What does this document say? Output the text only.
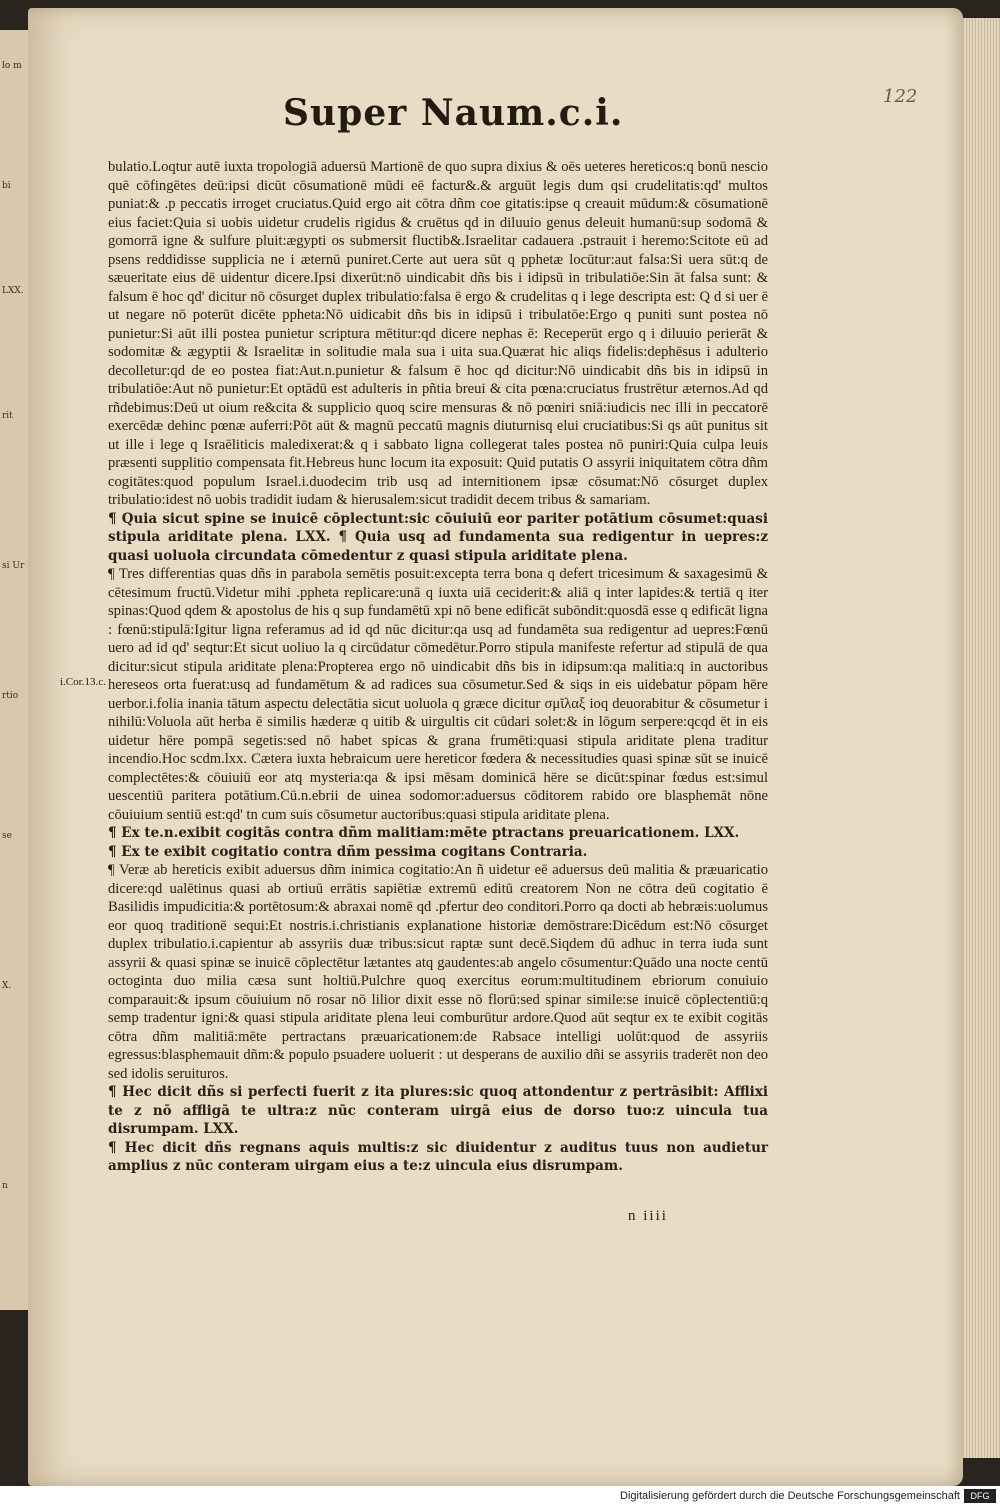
122
lo m
bi
LXX.
rit
si Ur
rtio
se
X.
n
Super Naum.c.i.
i.Cor.13.c.

bulatio.Loqtur autē iuxta tropologiā aduersū Martionē de quo supra dixius & oēs ueteres hereticos:q bonū nescio quē cōfingētes deū:ipsi dicūt cōsumationē mūdi eē factur&.& arguūt legis dum qsi crudelitatis:qd' multos puniat:& .p peccatis irroget cruciatus.Quid ergo ait cōtra dñm coe gitatis:ipse q creauit mūdum:& cōsumationē eius faciet:Quia si uobis uidetur crudelis rigidus & cruētus qd in diluuio genus deleuit humanū:sup sodomā & gomorrā igne & sulfure pluit:ægypti os submersit fluctib&.Israelitar cadauera .pstrauit i heremo:Scitote eū ad psens reddidisse supplicia ne i æternū puniret.Certe aut uera sūt q pphetæ locūtur:aut falsa:Si uera sūt:q de sæueritate eius dē uidentur dicere.Ipsi dixerūt:nō uindicabit dñs bis i idipsū in tribulatiōe:Sin āt falsa sunt: & falsum ē hoc qd' dicitur nō cōsurget duplex tribulatio:falsa ē ergo & crudelitas q i lege descripta est: Q d si uer ē ut negare nō poterūt dicēte ppheta:Nō uidicabit dñs bis in idipsū i tribulatōe:Ergo q puniti sunt postea nō punietur:Si aūt illi postea punietur scriptura mētitur:qd dicere nephas ē: Receperūt ergo q i diluuio perierāt & sodomitæ & ægyptii & Israelitæ in solitudie mala sua i uita sua.Quærat hic aliqs fidelis:dephēsus i adulterio decolletur:qd de eo postea fiat:Aut.n.punietur & falsum ē hoc qd dicitur:Nō uindicabit dñs bis in idipsū in tribulatiōe:Aut nō punietur:Et optādū est adulteris in pñtia breui & cita pœna:cruciatus frustrētur æternos.Ad qd rñdebimus:Deū ut oium re&cita & supplicio quoq scire mensuras & nō pœniri sniā:iudicis nec illi in peccatorē exercēdæ dehinc pœnæ auferri:Pōt aūt & magnū peccatū magnis diuturnisq elui cruciatibus:Si qs aūt punitus sit ut ille i lege q Israēliticis maledixerat:& q i sabbato ligna collegerat tales postea nō puniri:Quia culpa leuis præsenti supplitio compensata fit.Hebreus hunc locum ita exposuit: Quid putatis O assyrii iniquitatem cōtra dñm cogitātes:quod populum Israel.i.duodecim trib usq ad internitionem ipsæ cōsumat:Nō cōsurget duplex tribulatio:idest nō uobis tradidit iudam & hierusalem:sicut tradidit decem tribus & samariam.

¶ Quia sicut spine se inuicē cōplectunt:sic cōuiuiū eor pariter potātium cōsumet:quasi stipula ariditate plena. LXX. ¶ Quia usq ad fundamenta sua redigentur in uepres:z quasi uoluola circundata cōmedentur z quasi stipula ariditate plena.

¶ Tres differentias quas dñs in parabola semētis posuit:excepta terra bona q defert tricesimum & saxagesimū & cētesimum fructū.Videtur mihi .ppheta replicare:unā q iuxta uiā ceciderit:& aliā q inter lapides:& tertiā q iter spinas:Quod qdem & apostolus de his q sup fundamētū xpi nō bene edificāt subōndit:quosdā esse q edificāt ligna : fœnū:stipulā:Igitur ligna referamus ad id qd nūc dicitur:qa usq ad fundamēta sua redigentur ad uepres:Fœnū uero ad id qd' seqtur:Et sicut uoliuo la q circūdatur cōmedētur.Porro stipula manifeste refertur ad stipulā de qua dicitur:sicut stipula ariditate plena:Propterea ergo nō uindicabit dñs bis in idipsum:qa malitia:q in auctoribus hereseos orta fuerat:usq ad fundamētum & ad radices sua cōsumetur.Sed & siqs in eis uidebatur pōpam hēre uerbor.i.folia inania tātum aspectu delectātia sicut uoluola q græce dicitur σμῖλαξ ioq deuorabitur & cōsumetur i nihilū:Voluola aūt herba ē similis hæderæ q uitib & uirgultis cit cūdari solet:& in lōgum serpere:qcqd ēt in eis uidetur hēre pompā segetis:sed nō habet spicas & grana frumēti:quasi stipula ariditate plena traditur incendio.Hoc scdm.lxx. Cætera iuxta hebraicum uere hereticor fœdera & necessitudies quasi spinæ sūt se inuicē complectētes:& cōuiuiū eor atq mysteria:qa & ipsi mēsam dominicā hēre se dicūt:spinar fœdus est:simul uescentiū paritera potātium.Cū.n.ebrii de uinea sodomor:aduersus cōditorem rabido ore blasphemāt nōne cōuiuium sentiū est:qd' tn cum suis cōsumetur auctoribus:quasi stipula ariditate plena.

¶ Ex te.n.exibit cogitās contra dñm malitiam:mēte ptractans preuaricationem. LXX.

¶ Ex te exibit cogitatio contra dñm pessima cogitans Contraria.

¶ Veræ ab hereticis exibit aduersus dñm inimica cogitatio:An ñ uidetur eē aduersus deū malitia & præuaricatio dicere:qd ualētinus quasi ab ortiuū errātis sapiētiæ extremū editū creatorem Non ne cōtra deū cogitatio ē Basilidis impudicitia:& portētosum:& abraxai nomē qd .pfertur deo conditori.Porro qa docti ab hebræis:uolumus eor quoq traditionē sequi:Et nostris.i.christianis explanatione historiæ demōstrare:Dicēdum est:Nō cōsurget duplex tribulatio.i.capientur ab assyriis duæ tribus:sicut raptæ sunt decē.Siqdem dū adhuc in terra iuda sunt assyrii & quasi spinæ se inuicē cōplectētur lætantes atq gaudentes:ab angelo cōsumentur:Quādo una nocte centū octoginta duo milia cæsa sunt holtiū.Pulchre quoq exercitus eorum:multitudinem ebriorum conuiuio comparauit:& ipsum cōuiuium nō rosar nō lilior dixit esse nō florū:sed spinar simile:se inuicē cōplectentiū:q semp tradentur igni:& quasi stipula ariditate plena leui comburūtur ardore.Quod aūt seqtur ex te exibit cogitās cōtra dñm malitiā:mēte pertractans præuaricationem:de Rabsace intelligi uolūt:quod de assyriis egressus:blasphemauit dñm:& populo psuadere uoluerit : ut desperans de auxilio dñi se assyriis traderēt non deo sed idolis seruituros.

¶ Hec dicit dñs si perfecti fuerit z ita plures:sic quoq attondentur z pertrāsibit: Afflixi te z nō affligā te ultra:z nūc conteram uirgā eius de dorso tuo:z uincula tua disrumpam. LXX.

¶ Hec dicit dñs regnans aquis multis:z sic diuidentur z auditus tuus non audietur amplius z nūc conteram uirgam eius a te:z uincula eius disrumpam.

n iiii
Digitalisierung gefördert durch die Deutsche Forschungsgemeinschaft	DFG
